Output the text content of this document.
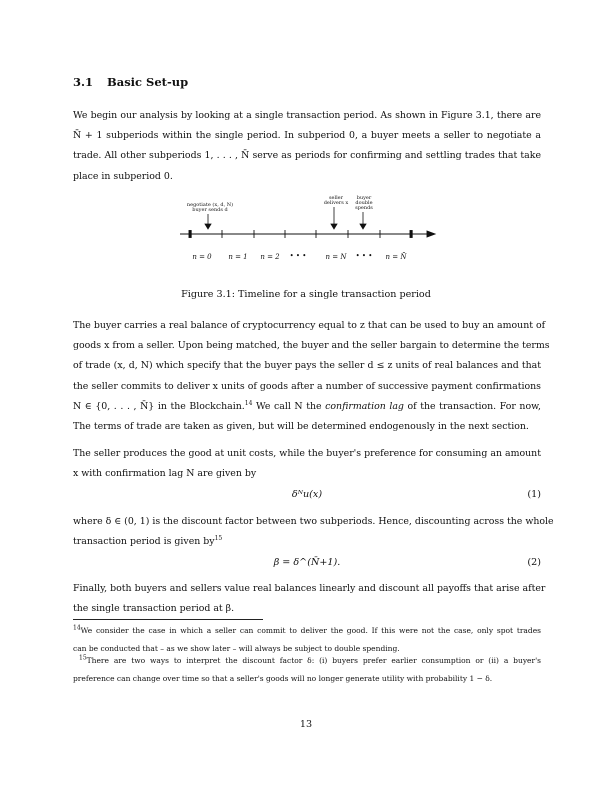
3.1 Basic Set-up

We begin our analysis by looking at a single transaction period. As shown in Figure 3.1, there are
N̄ + 1 subperiods within the single period. In subperiod 0, a buyer meets a seller to negotiate a
trade. All other subperiods 1, . . . , N̄ serve as periods for confirming and settling trades that take
place in subperiod 0.

negotiate (x, d, N)
buyer sends d
seller
delivers x
buyer
double
spends
n = 0 n = 1 n = 2 • • •	n = N • • • n = N̄
Figure 3.1: Timeline for a single transaction period

The buyer carries a real balance of cryptocurrency equal to z that can be used to buy an amount of
goods x from a seller. Upon being matched, the buyer and the seller bargain to determine the terms
of trade (x, d, N) which specify that the buyer pays the seller d ≤ z units of real balances and that
the seller commits to deliver x units of goods after a number of successive payment confirmations
N ∈ {0, . . . , N̄} in the Blockchain.$^{14}$ We call N the confirmation lag of the transaction. For now,
The terms of trade are taken as given, but will be determined endogenously in the next section.

The seller produces the good at unit costs, while the buyer's preference for consuming an amount
x with confirmation lag N are given by

δᴺu(x)	(1)

where δ ∈ (0, 1) is the discount factor between two subperiods. Hence, discounting across the whole
transaction period is given $by^{15}$

β = δ^(N̄+1).	(2)

Finally, both buyers and sellers value real balances linearly and discount all payoffs that arise after
the single transaction period at β.

$^{14}$We consider the case in which a seller can commit to deliver the good. If this were not the case, only spot trades
can be conducted that – as we show later – will always be subject to double spending.

$^{15}$There are two ways to interpret the discount factor δ: (i) buyers prefer earlier consumption or (ii) a buyer's
preference can change over time so that a seller's goods will no longer generate utility with probability 1 − δ.

13
